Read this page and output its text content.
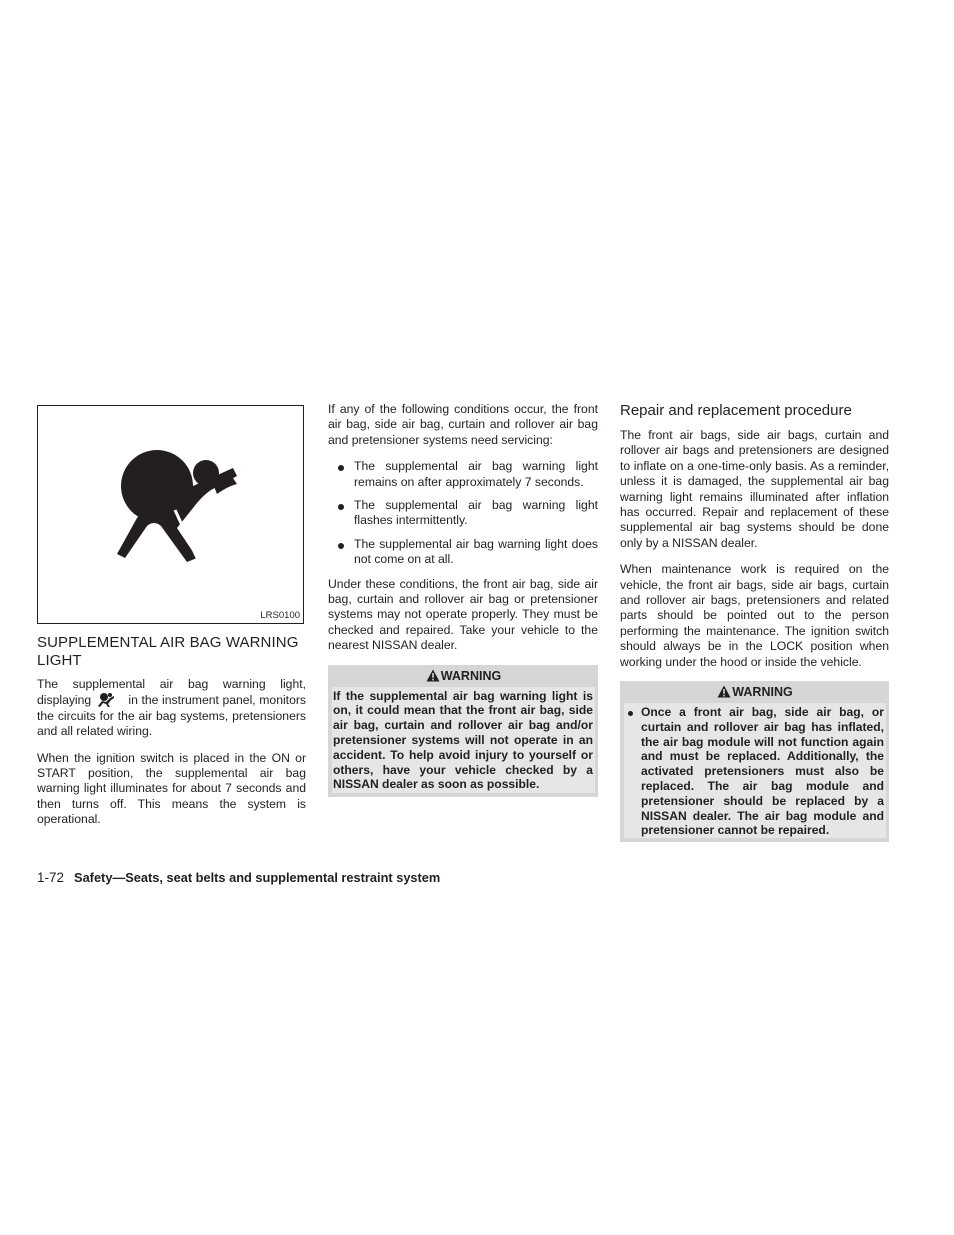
LRS0100
SUPPLEMENTAL AIR BAG WARNING LIGHT

The supplemental air bag warning light, displaying	in the instrument panel, monitors the circuits for the air bag systems, pretensioners and all related wiring.

When the ignition switch is placed in the ON or START position, the supplemental air bag warning light illuminates for about 7 seconds and then turns off. This means the system is operational.

If any of the following conditions occur, the front air bag, side air bag, curtain and rollover air bag and pretensioner systems need servicing:

The supplemental air bag warning light remains on after approximately 7 seconds.
The supplemental air bag warning light flashes intermittently.
The supplemental air bag warning light does not come on at all.

Under these conditions, the front air bag, side air bag, curtain and rollover air bag or pretensioner systems may not operate properly. They must be checked and repaired. Take your vehicle to the nearest NISSAN dealer.

WARNING
If the supplemental air bag warning light is on, it could mean that the front air bag, side air bag, curtain and rollover air bag and/or pretensioner systems will not operate in an accident. To help avoid injury to yourself or others, have your vehicle checked by a NISSAN dealer as soon as possible.
Repair and replacement procedure

The front air bags, side air bags, curtain and rollover air bags and pretensioners are designed to inflate on a one-time-only basis. As a reminder, unless it is damaged, the supplemental air bag warning light remains illuminated after inflation has occurred. Repair and replacement of these supplemental air bag systems should be done only by a NISSAN dealer.

When maintenance work is required on the vehicle, the front air bags, side air bags, curtain and rollover air bags, pretensioners and related parts should be pointed out to the person performing the maintenance. The ignition switch should always be in the LOCK position when working under the hood or inside the vehicle.

WARNING
Once a front air bag, side air bag, or curtain and rollover air bag has inflated, the air bag module will not function again and must be replaced. Additionally, the activated pretensioners must also be replaced. The air bag module and pretensioner should be replaced by a NISSAN dealer. The air bag module and pretensioner cannot be repaired.
1-72 Safety—Seats, seat belts and supplemental restraint system
